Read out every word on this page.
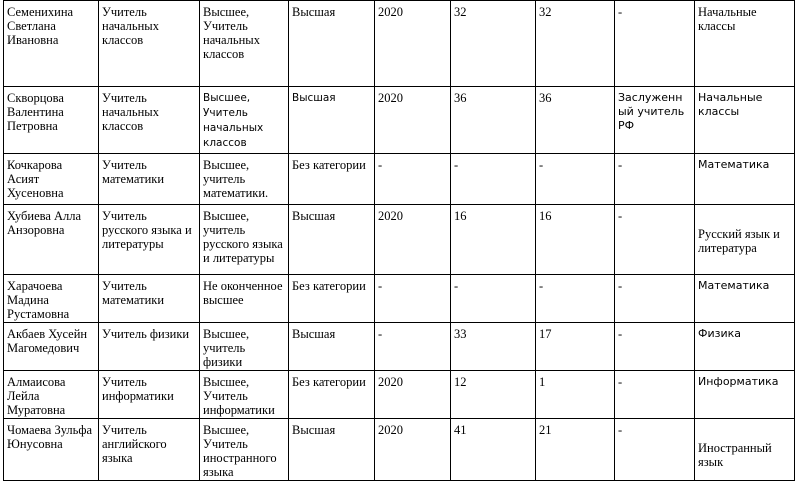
Семенихина Светлана Ивановна	Учитель начальных классов	Высшее, Учитель начальных классов	Высшая	2020	32	32	-	Начальные классы
Скворцова Валентина Петровна	Учитель начальных классов	Высшее, Учитель начальных классов	Высшая	2020	36	36	Заслуженный учитель РФ	Начальные классы
Кочкарова Асият Хусеновна	Учитель математики	Высшее, учитель математики.	Без категории	-	-	-	-	Математика
Хубиева Алла Анзоровна	Учитель русского языка и литературы	Высшее, учитель русского языка и литературы	Высшая	2020	16	16	-	Русский язык и литература
Харачоева Мадина Рустамовна	Учитель математики	Не оконченное высшее	Без категории	-	-	-	-	Математика
Акбаев Хусейн Магомедович	Учитель физики	Высшее, учитель физики	Высшая	-	33	17	-	Физика
Алмаисова Лейла Муратовна	Учитель информатики	Высшее, Учитель информатики	Без категории	2020	12	1	-	Информатика
Чомаева Зульфа Юнусовна	Учитель английского языка	Высшее, Учитель иностранного языка	Высшая	2020	41	21	-	Иностранный язык
